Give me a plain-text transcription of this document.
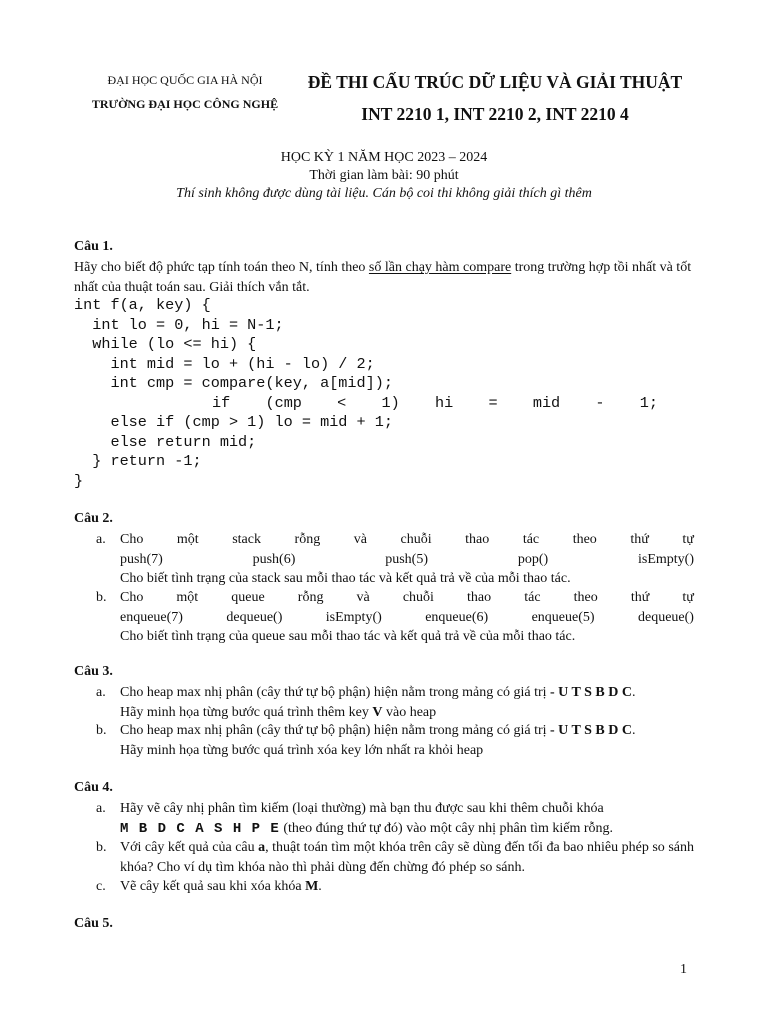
ĐẠI HỌC QUỐC GIA HÀ NỘI
TRƯỜNG ĐẠI HỌC CÔNG NGHỆ
ĐỀ THI CẤU TRÚC DỮ LIỆU VÀ GIẢI THUẬT
INT 2210 1, INT 2210 2, INT 2210 4
HỌC KỲ 1 NĂM HỌC 2023 – 2024
Thời gian làm bài: 90 phút
Thí sinh không được dùng tài liệu. Cán bộ coi thi không giải thích gì thêm
Câu 1.
Hãy cho biết độ phức tạp tính toán theo N, tính theo số lần chạy hàm compare trong trường hợp tồi nhất và tốt nhất của thuật toán sau. Giải thích vắn tắt.
int f(a, key) {
int lo = 0, hi = N-1;
while (lo <= hi) {
int mid = lo + (hi - lo) / 2;
int cmp = compare(key, a[mid]);
if (cmp < 1) hi = mid - 1;
else if (cmp > 1) lo = mid + 1;
else return mid;
} return -1;
}
Câu 2.
a. Cho một stack rỗng và chuỗi thao tác theo thứ tự
push(7)	push(6)	push(5)	pop()	isEmpty()
Cho biết tình trạng của stack sau mỗi thao tác và kết quả trả về của mỗi thao tác.
b. Cho một queue rỗng và chuỗi thao tác theo thứ tự
enqueue(7)	dequeue()	isEmpty()	enqueue(6)	enqueue(5)	dequeue()
Cho biết tình trạng của queue sau mỗi thao tác và kết quả trả về của mỗi thao tác.
Câu 3.
a. Cho heap max nhị phân (cây thứ tự bộ phận) hiện nằm trong mảng có giá trị - U T S B D C.
Hãy minh họa từng bước quá trình thêm key V vào heap
b. Cho heap max nhị phân (cây thứ tự bộ phận) hiện nằm trong mảng có giá trị - U T S B D C.
Hãy minh họa từng bước quá trình xóa key lớn nhất ra khỏi heap
Câu 4.
a. Hãy vẽ cây nhị phân tìm kiếm (loại thường) mà bạn thu được sau khi thêm chuỗi khóa
M B D C A S H P E (theo đúng thứ tự đó) vào một cây nhị phân tìm kiếm rỗng.
b. Với cây kết quả của câu a, thuật toán tìm một khóa trên cây sẽ dùng đến tối đa bao nhiêu phép so sánh khóa? Cho ví dụ tìm khóa nào thì phải dùng đến chừng đó phép so sánh.
c. Vẽ cây kết quả sau khi xóa khóa M.
Câu 5.
1
